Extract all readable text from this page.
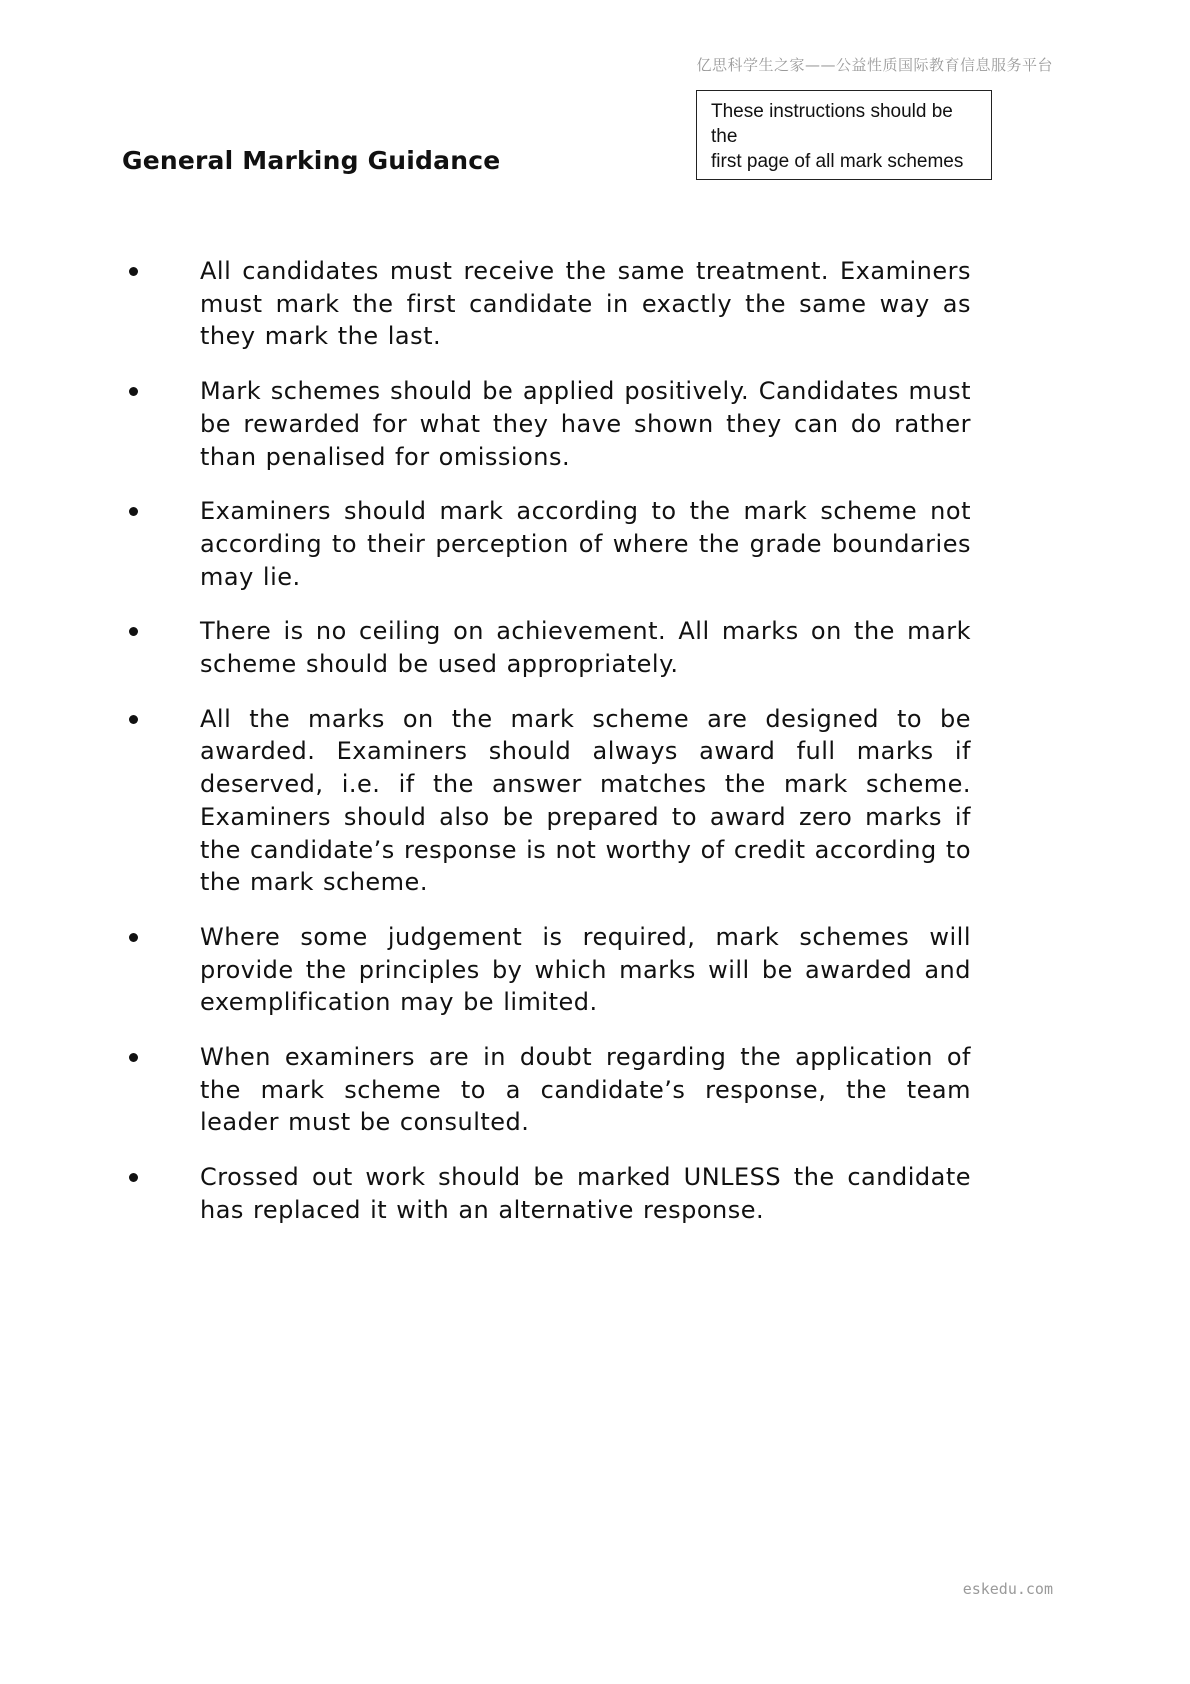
亿思科学生之家——公益性质国际教育信息服务平台
These instructions should be the
first page of all mark schemes
General Marking Guidance
All candidates must receive the same treatment. Examiners must mark the first candidate in exactly the same way as they mark the last.
Mark schemes should be applied positively. Candidates must be rewarded for what they have shown they can do rather than penalised for omissions.
Examiners should mark according to the mark scheme not according to their perception of where the grade boundaries may lie.
There is no ceiling on achievement. All marks on the mark scheme should be used appropriately.
All the marks on the mark scheme are designed to be awarded. Examiners should always award full marks if deserved, i.e. if the answer matches the mark scheme. Examiners should also be prepared to award zero marks if the candidate’s response is not worthy of credit according to the mark scheme.
Where some judgement is required, mark schemes will provide the principles by which marks will be awarded and exemplification may be limited.
When examiners are in doubt regarding the application of the mark scheme to a candidate’s response, the team leader must be consulted.
Crossed out work should be marked UNLESS the candidate has replaced it with an alternative response.
eskedu.com
